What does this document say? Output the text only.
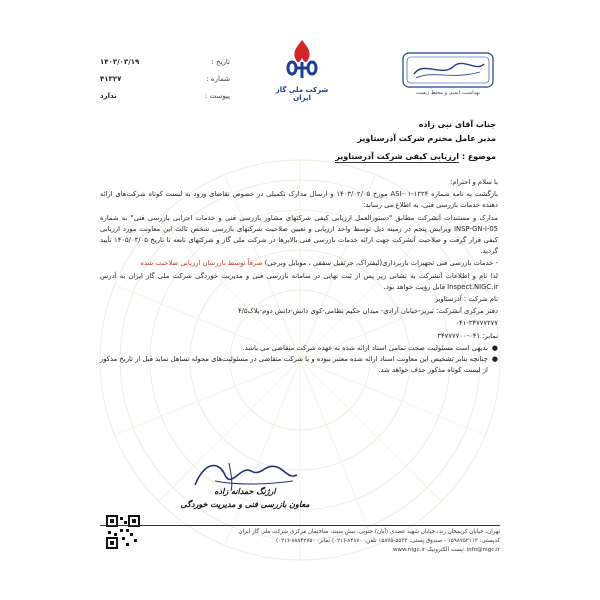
تاریخ :
۱۴۰۳/۰۳/۱۹
شماره :
۴۱۳۲۷
پیوست :
ندارد
شرکت ملی گاز ایران
بهداشت، ایمنی و محیط زیست
جناب آقای نبی زاده
مدیر عامل محترم شرکت آذرستاویز
موضوع : ارزیابی کیفی شرکت آذرستاویز

با سلام و احترام؛

بازگشت به نامه شماره ۱۲۲۴-ASI-۰۱ مورخ ۱۴۰۳/۰۲/۰۵ و ارسال مدارک تکمیلی در خصوص تقاضای ورود به لیست کوتاه شرکت‌های ارائه دهنده خدمات بازرسی فنی، به اطلاع می رساند:

مدارک و مستندات آنشرکت مطابق "دستورالعمل ارزیابی کیفی شرکتهای مشاور بازرسی فنی و خدمات اجرایی بازرسی فنی" به شماره INSP-GN-I-05 ویرایش پنجم در زمینه ذیل توسط واحد ارزیابی و تعیین صلاحیت شرکتهای بازرسی شخص ثالث این معاونت مورد ارزیابی کیفی قرار گرفت و صلاحیت آنشرکت جهت ارائه خدمات بازرسی فنی بالابرها در شرکت ملی گاز و شرکتهای تابعه تا تاریخ ۱۴۰۵/۰۳/۰۵ تأیید گردید.

- خدمات بازرسی فنی تجهیزات باربرداری(لیفتراک، جرثقیل سقفی ، موبایل وبرجی) صرفاً توسط بازرسان ارزیابی صلاحیت شده

لذا نام و اطلاعات آنشرکت به نشانی زیر پس از ثبت نهایی در سامانه بازرسی فنی و مدیریت خوردگی شرکت ملی گاز ایران به آدرس Inspect.NIGC.ir قابل رؤیت خواهد بود.

نام شرکت : آذرستاویز

دفتر مرکزی آنشرکت: تبریز-خیابان آزادی- میدان حکیم نظامی-کوی دانش-دانش دوم-پلاک۴/۵

۰۴۱-۳۴۷۷۷۲۷۷

نمابر: ۰۴۱-۳۴۷۷۷۷۰۰

●
بدیهی است مسئولیت صحت تمامی اسناد ارائه شده به عهده شرکت متقاضی می باشد.
●
چنانچه بنابر تشخیص این معاونت اسناد ارائه شده معتبر نبوده و یا شرکت متقاضی در مسئولیت‌های محوله تساهل نماید قبل از تاریخ مذکور از لیست کوتاه مذکور حذف خواهد شد.
ارژنگ حمدانه زاده
معاون بازرسی فنی و مدیریت خوردگی
تهران، خیابان کریمخان زند، خیابان شهید عضدی (آبان) جنوبی، نبش سپند، ساختمان مرکزی شرکت ملی گاز ایران
کدپستی: ۱۵۹۸۷۵۳۱۱۳ - صندوق پستی: ۵۵۳۳-۱۵۸۷۵ تلفن: ۸۴۸۷۰-(۰۲۱) نمابر: ۸۸۸۴۲۷۵۰-(۰۲۱)
info@nigc.ir :پست الکترونیک www.nigc.ir
